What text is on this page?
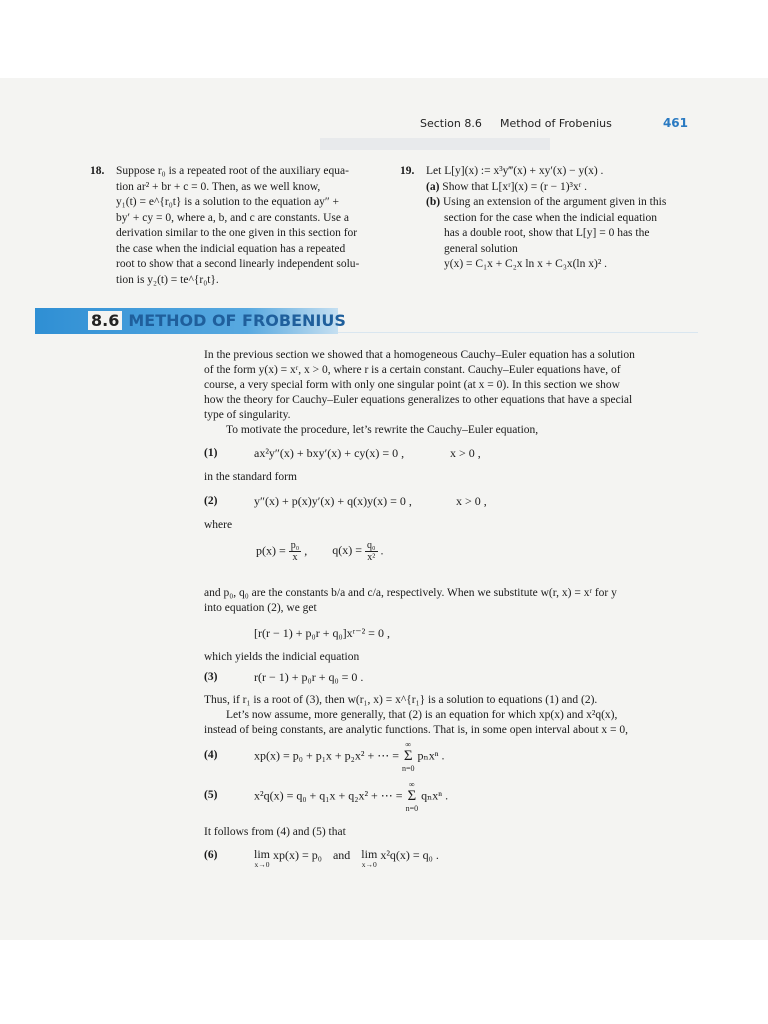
Section 8.6 Method of Frobenius	461
18. Suppose r₀ is a repeated root of the auxiliary equa-
tion ar² + br + c = 0. Then, as we well know,
y₁(t) = e^{r₀t} is a solution to the equation ay″ +
by′ + cy = 0, where a, b, and c are constants. Use a
derivation similar to the one given in this section for
the case when the indicial equation has a repeated
root to show that a second linearly independent solu-
tion is y₂(t) = te^{r₀t}.
19. Let L[y](x) := x³y‴(x) + xy′(x) − y(x) .
(a) Show that L[xʳ](x) = (r − 1)³xʳ .
(b) Using an extension of the argument given in this
section for the case when the indicial equation
has a double root, show that L[y] = 0 has the
general solution
y(x) = C₁x + C₂x ln x + C₃x(ln x)² .
8.6 METHOD OF FROBENIUS
In the previous section we showed that a homogeneous Cauchy–Euler equation has a solution
of the form y(x) = xʳ, x > 0, where r is a certain constant. Cauchy–Euler equations have, of
course, a very special form with only one singular point (at x = 0). In this section we show
how the theory for Cauchy–Euler equations generalizes to other equations that have a special
type of singularity.
To motivate the procedure, let’s rewrite the Cauchy–Euler equation,
(1)	ax²y″(x) + bxy′(x) + cy(x) = 0 ,	x > 0 ,
in the standard form
(2)	y″(x) + p(x)y′(x) + q(x)y(x) = 0 ,	x > 0 ,
where
$p(x) = \frac{\text{p₀}}{x}$ , $q(x) = \frac{\text{q₀}}{\text{x²}}$ .
and p₀, q₀ are the constants b/a and c/a, respectively. When we substitute w(r, x) = xʳ for y
into equation (2), we get
[r(r − 1) + p₀r + q₀]xʳ⁻² = 0 ,
which yields the indicial equation
(3)	r(r − 1) + p₀r + q₀ = 0 .
Thus, if r₁ is a root of (3), then w(r₁, x) = x^{r₁} is a solution to equations (1) and (2).
Let’s now assume, more generally, that (2) is an equation for which xp(x) and x²q(x),
instead of being constants, are analytic functions. That is, in some open interval about x = 0,
(4)	xp(x) = p₀ + p₁x + p₂x² + ⋯ = ∞
Σ
n=0 pₙxⁿ .
(5)	x²q(x) = q₀ + q₁x + q₂x² + ⋯ = ∞
Σ
n=0 qₙxⁿ .
It follows from (4) and (5) that
(6)	lim
x→0
xp(x) = p₀ and lim
x→0
x²q(x) = q₀ .
